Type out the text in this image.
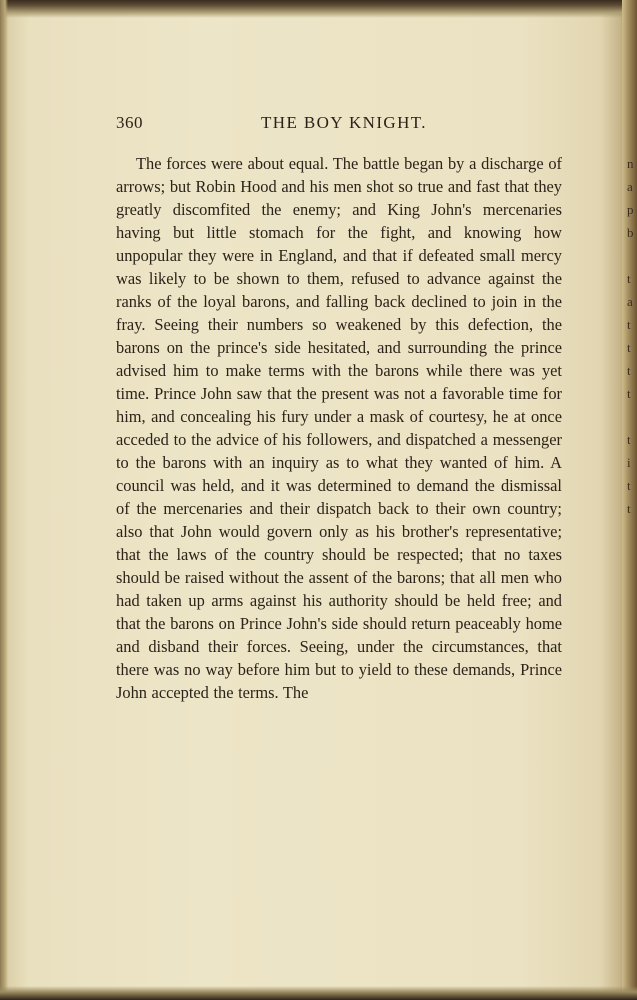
360	THE BOY KNIGHT.

The forces were about equal. The battle began by a discharge of arrows; but Robin Hood and his men shot so true and fast that they greatly discomfited the enemy; and King John's mercenaries having but little stomach for the fight, and knowing how unpopular they were in England, and that if defeated small mercy was likely to be shown to them, refused to advance against the ranks of the loyal barons, and falling back declined to join in the fray. Seeing their numbers so weakened by this defection, the barons on the prince's side hesitated, and surrounding the prince advised him to make terms with the barons while there was yet time. Prince John saw that the present was not a favorable time for him, and concealing his fury under a mask of courtesy, he at once acceded to the advice of his followers, and dispatched a messenger to the barons with an inquiry as to what they wanted of him. A council was held, and it was determined to demand the dismissal of the mercenaries and their dispatch back to their own country; also that John would govern only as his brother's representative; that the laws of the country should be respected; that no taxes should be raised without the assent of the barons; that all men who had taken up arms against his authority should be held free; and that the barons on Prince John's side should return peaceably home and disband their forces. Seeing, under the circumstances, that there was no way before him but to yield to these demands, Prince John accepted the terms. The

n
a
p
b
t
a
t
t
t
t
t
i
t
t
